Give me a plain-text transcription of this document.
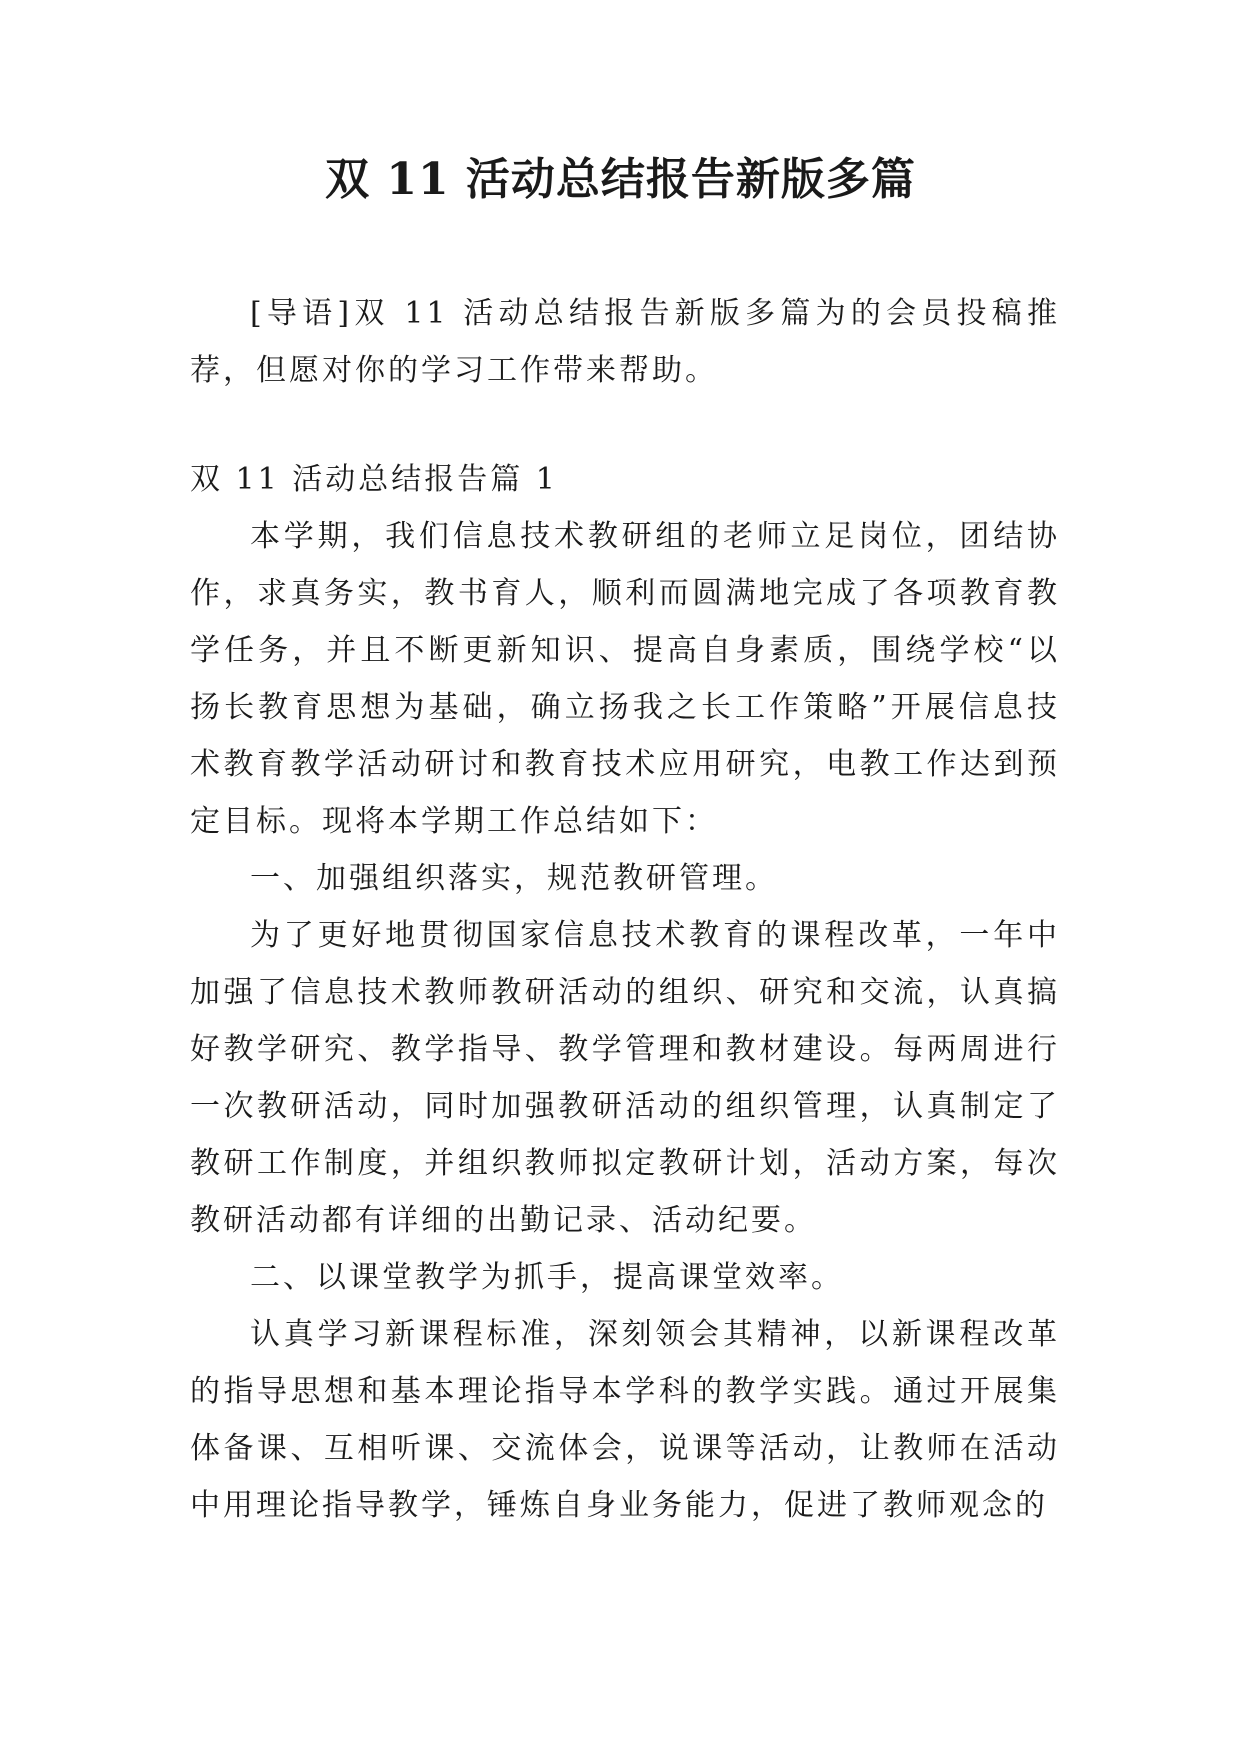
双 11 活动总结报告新版多篇

[导语]双 11 活动总结报告新版多篇为的会员投稿推荐，但愿对你的学习工作带来帮助。

双 11 活动总结报告篇 1

本学期，我们信息技术教研组的老师立足岗位，团结协作，求真务实，教书育人，顺利而圆满地完成了各项教育教学任务，并且不断更新知识、提高自身素质，围绕学校“以扬长教育思想为基础，确立扬我之长工作策略”开展信息技术教育教学活动研讨和教育技术应用研究，电教工作达到预定目标。现将本学期工作总结如下：

一、加强组织落实，规范教研管理。

为了更好地贯彻国家信息技术教育的课程改革，一年中加强了信息技术教师教研活动的组织、研究和交流，认真搞好教学研究、教学指导、教学管理和教材建设。每两周进行一次教研活动，同时加强教研活动的组织管理，认真制定了教研工作制度，并组织教师拟定教研计划，活动方案，每次教研活动都有详细的出勤记录、活动纪要。

二、以课堂教学为抓手，提高课堂效率。

认真学习新课程标准，深刻领会其精神，以新课程改革的指导思想和基本理论指导本学科的教学实践。通过开展集体备课、互相听课、交流体会，说课等活动，让教师在活动中用理论指导教学，锤炼自身业务能力，促进了教师观念的
